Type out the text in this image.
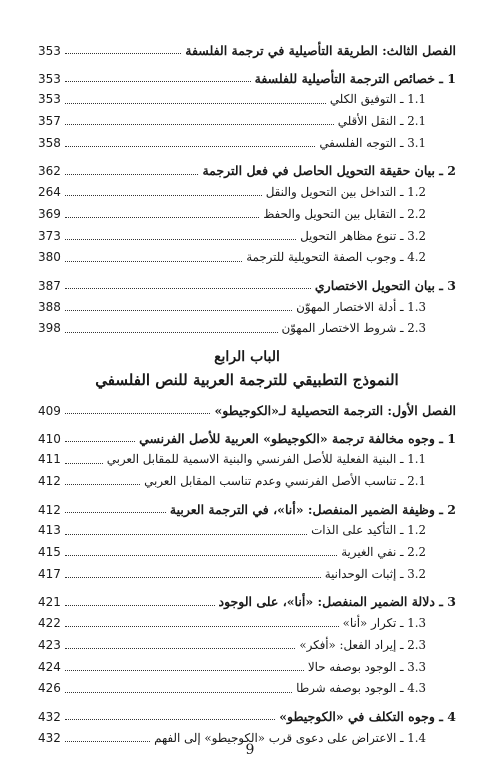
الفصل الثالث: الطريقة التأصيلية في ترجمة الفلسفة
353
1 ـ خصائص الترجمة التأصيلية للفلسفة
353
1.1 ـ التوفيق الكلي
353
2.1 ـ النقل الأقلي
357
3.1 ـ التوجه الفلسفي
358
2 ـ بيان حقيقة التحويل الحاصل في فعل الترجمة
362
1.2 ـ التداخل بين التحويل والنقل
264
2.2 ـ التقابل بين التحويل والحفظ
369
3.2 ـ تنوع مظاهر التحويل
373
4.2 ـ وجوب الصفة التحويلية للترجمة
380
3 ـ بيان التحويل الاختصاري
387
1.3 ـ أدلة الاختصار المهوّن
388
2.3 ـ شروط الاختصار المهوّن
398
الباب الرابع
النموذج التطبيقي للترجمة العربية للنص الفلسفي
الفصل الأول: الترجمة التحصيلية لـ«الكوجيطو»
409
1 ـ وجوه مخالفة ترجمة «الكوجيطو» العربية للأصل الفرنسي
410
1.1 ـ البنية الفعلية للأصل الفرنسي والبنية الاسمية للمقابل العربي
411
2.1 ـ تناسب الأصل الفرنسي وعدم تناسب المقابل العربي
412
2 ـ وظيفة الضمير المنفصل: «أنا»، في الترجمة العربية
412
1.2 ـ التأكيد على الذات
413
2.2 ـ نفي الغيرية
415
3.2 ـ إثبات الوحدانية
417
3 ـ دلالة الضمير المنفصل: «أنا»، على الوجود
421
1.3 ـ تكرار «أنا»
422
2.3 ـ إيراد الفعل: «أفكر»
423
3.3 ـ الوجود بوصفه حالا
424
4.3 ـ الوجود بوصفه شرطا
426
4 ـ وجوه التكلف في «الكوجيطو»
432
1.4 ـ الاعتراض على دعوى قرب «الكوجيطو» إلى الفهم
432
9
